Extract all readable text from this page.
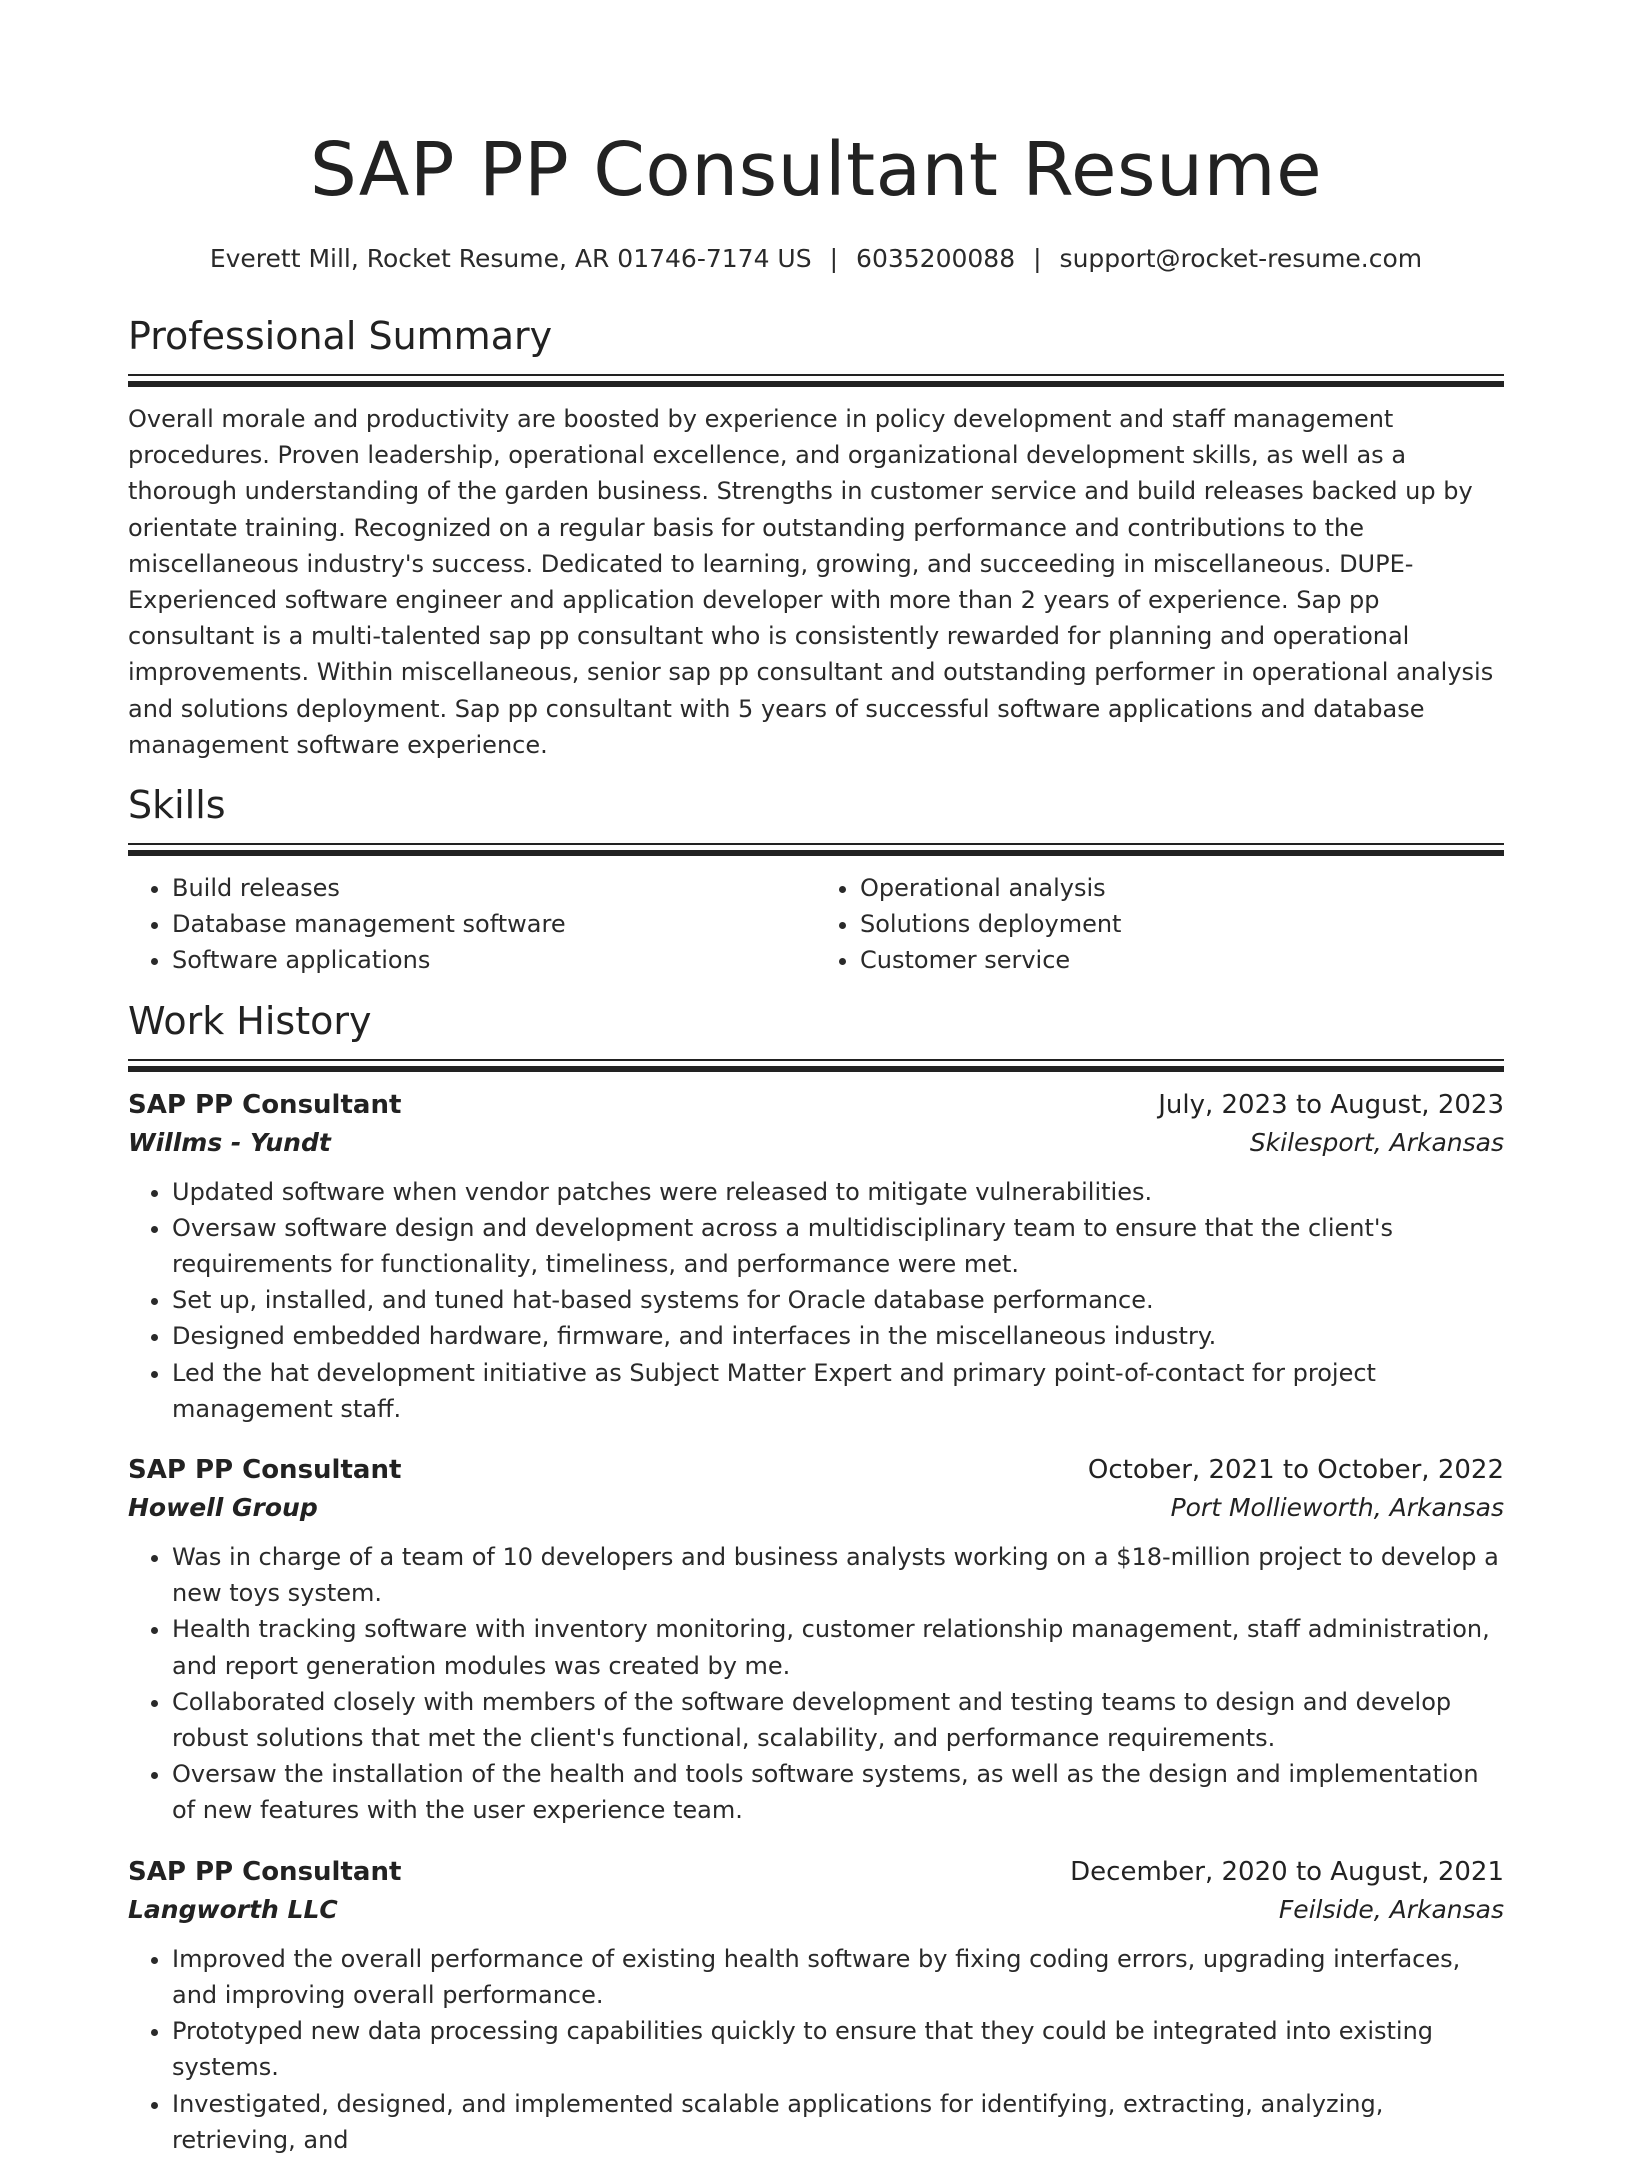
SAP PP Consultant Resume
Everett Mill, Rocket Resume, AR 01746-7174 US | 6035200088 | support@rocket-resume.com
Professional Summary

Overall morale and productivity are boosted by experience in policy development and staff management procedures. Proven leadership, operational excellence, and organizational development skills, as well as a thorough understanding of the garden business. Strengths in customer service and build releases backed up by orientate training. Recognized on a regular basis for outstanding performance and contributions to the miscellaneous industry's success. Dedicated to learning, growing, and succeeding in miscellaneous. DUPE- Experienced software engineer and application developer with more than 2 years of experience. Sap pp consultant is a multi-talented sap pp consultant who is consistently rewarded for planning and operational improvements. Within miscellaneous, senior sap pp consultant and outstanding performer in operational analysis and solutions deployment. Sap pp consultant with 5 years of successful software applications and database management software experience.

Skills
• Build releases
• Database management software
• Software applications
• Operational analysis
• Solutions deployment
• Customer service
Work History
SAP PP Consultant	July, 2023 to August, 2023
Willms - Yundt	Skilesport, Arkansas
• Updated software when vendor patches were released to mitigate vulnerabilities.
• Oversaw software design and development across a multidisciplinary team to ensure that the client's requirements for functionality, timeliness, and performance were met.
• Set up, installed, and tuned hat-based systems for Oracle database performance.
• Designed embedded hardware, firmware, and interfaces in the miscellaneous industry.
• Led the hat development initiative as Subject Matter Expert and primary point-of-contact for project management staff.
SAP PP Consultant	October, 2021 to October, 2022
Howell Group	Port Mollieworth, Arkansas
• Was in charge of a team of 10 developers and business analysts working on a $18-million project to develop a new toys system.
• Health tracking software with inventory monitoring, customer relationship management, staff administration, and report generation modules was created by me.
• Collaborated closely with members of the software development and testing teams to design and develop robust solutions that met the client's functional, scalability, and performance requirements.
• Oversaw the installation of the health and tools software systems, as well as the design and implementation of new features with the user experience team.
SAP PP Consultant	December, 2020 to August, 2021
Langworth LLC	Feilside, Arkansas
• Improved the overall performance of existing health software by fixing coding errors, upgrading interfaces, and improving overall performance.
• Prototyped new data processing capabilities quickly to ensure that they could be integrated into existing systems.
• Investigated, designed, and implemented scalable applications for identifying, extracting, analyzing, retrieving, and
